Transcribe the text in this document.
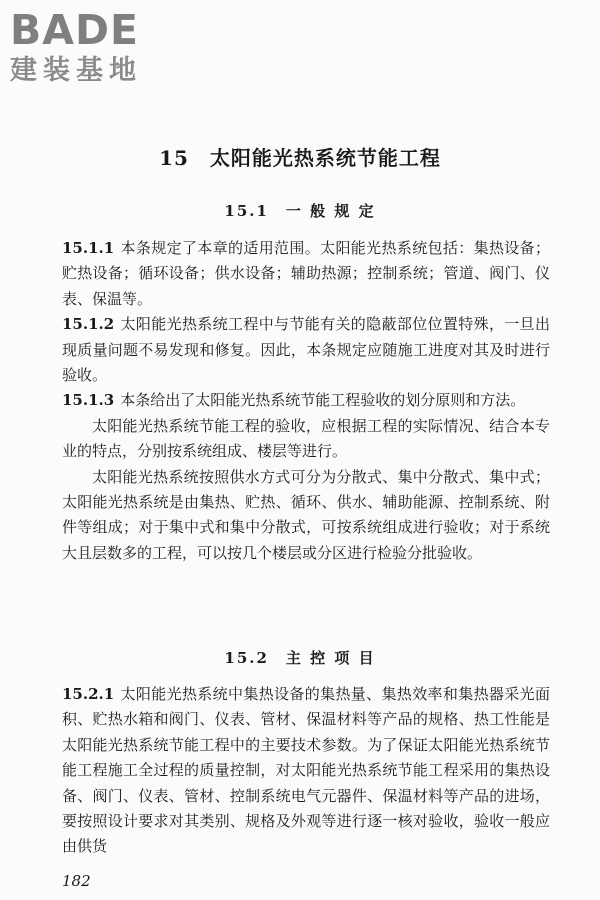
BADE
建装基地
15　太阳能光热系统节能工程
15.1　一 般 规 定

15.1.1 本条规定了本章的适用范围。太阳能光热系统包括：集热设备；贮热设备；循环设备；供水设备；辅助热源；控制系统；管道、阀门、仪表、保温等。

15.1.2 太阳能光热系统工程中与节能有关的隐蔽部位位置特殊，一旦出现质量问题不易发现和修复。因此，本条规定应随施工进度对其及时进行验收。

15.1.3 本条给出了太阳能光热系统节能工程验收的划分原则和方法。

太阳能光热系统节能工程的验收，应根据工程的实际情况、结合本专业的特点，分别按系统组成、楼层等进行。

太阳能光热系统按照供水方式可分为分散式、集中分散式、集中式；太阳能光热系统是由集热、贮热、循环、供水、辅助能源、控制系统、附件等组成；对于集中式和集中分散式，可按系统组成进行验收；对于系统大且层数多的工程，可以按几个楼层或分区进行检验分批验收。

15.2　主 控 项 目

15.2.1 太阳能光热系统中集热设备的集热量、集热效率和集热器采光面积、贮热水箱和阀门、仪表、管材、保温材料等产品的规格、热工性能是太阳能光热系统节能工程中的主要技术参数。为了保证太阳能光热系统节能工程施工全过程的质量控制，对太阳能光热系统节能工程采用的集热设备、阀门、仪表、管材、控制系统电气元器件、保温材料等产品的进场，要按照设计要求对其类别、规格及外观等进行逐一核对验收，验收一般应由供货

182
